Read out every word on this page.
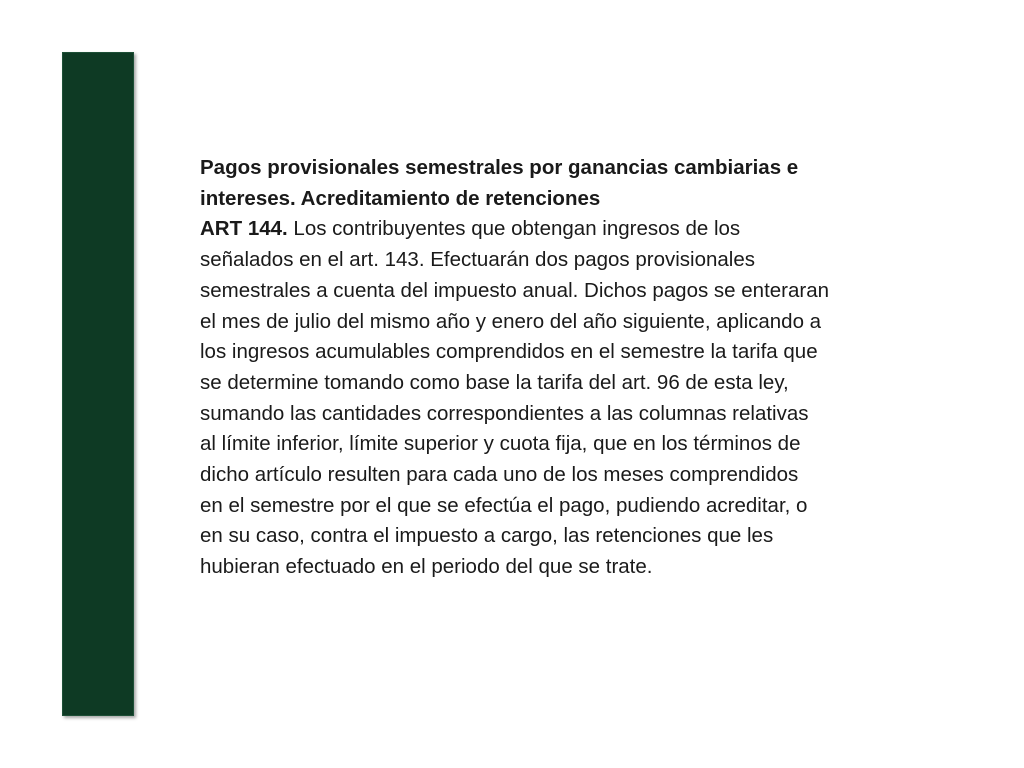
Pagos provisionales semestrales por ganancias cambiarias e
intereses. Acreditamiento de retenciones
ART 144. Los contribuyentes que obtengan ingresos de los
señalados en el art. 143. Efectuarán dos pagos provisionales
semestrales a cuenta del impuesto anual. Dichos pagos se enteraran
el mes de julio del mismo año y enero del año siguiente, aplicando a
los ingresos acumulables comprendidos en el semestre la tarifa que
se determine tomando como base la tarifa del art. 96 de esta ley,
sumando las cantidades correspondientes a las columnas relativas
al límite inferior, límite superior y cuota fija, que en los términos de
dicho artículo resulten para cada uno de los meses comprendidos
en el semestre por el que se efectúa el pago, pudiendo acreditar, o
en su caso, contra el impuesto a cargo, las retenciones que les
hubieran efectuado en el periodo del que se trate.
